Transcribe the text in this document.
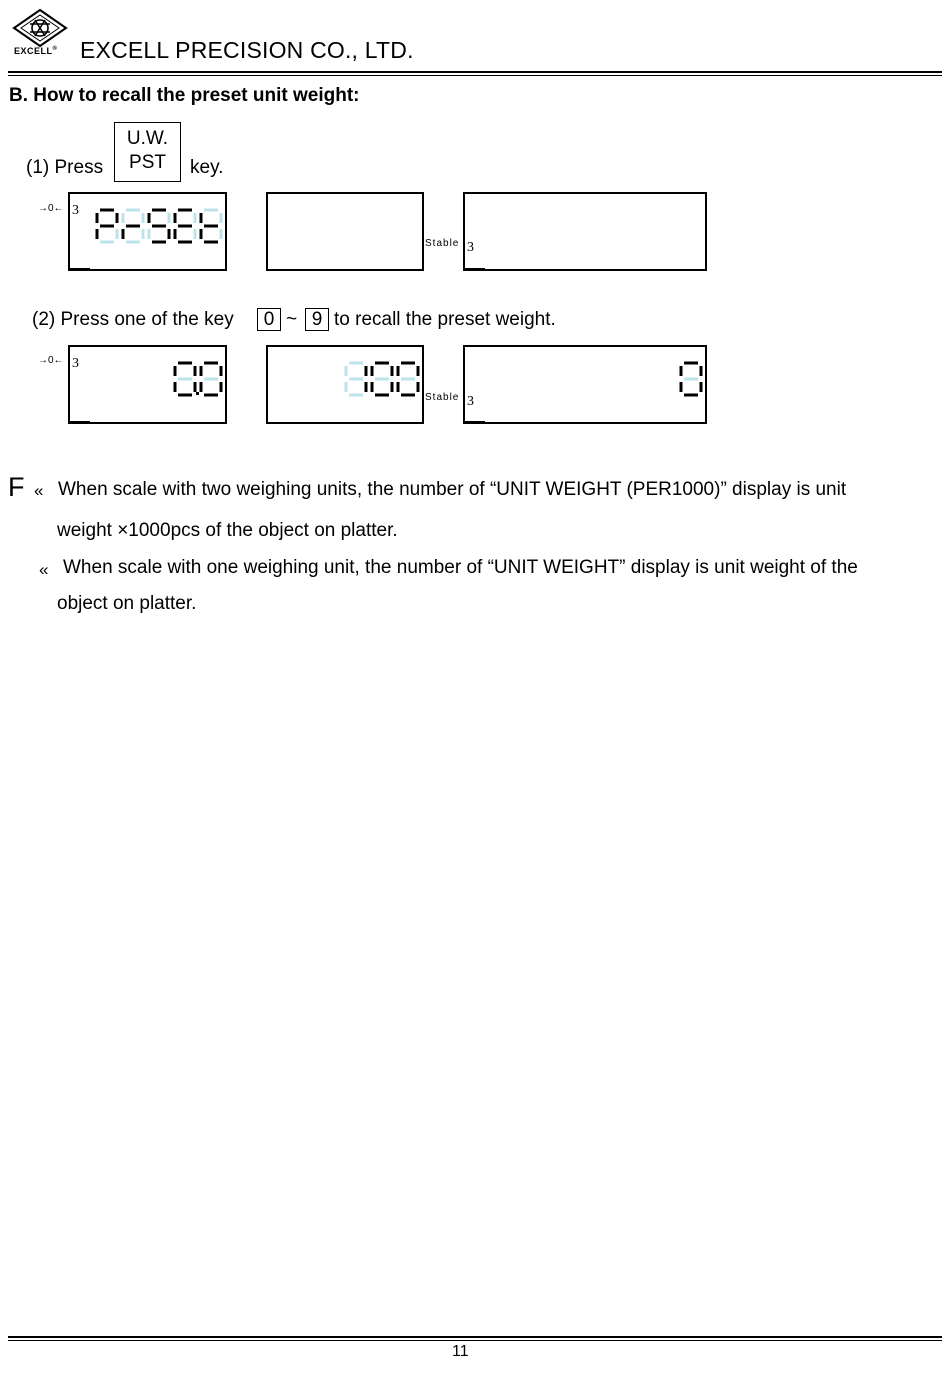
EXCELL® EXCELL PRECISION CO., LTD.
B. How to recall the preset unit weight:
(1) Press
U.W.
PST	key.
→0← 3
Stable 3
(2) Press one of the key	0 ~ 9 to recall the preset weight.
→0← 3
Stable 3
F « When scale with two weighing units, the number of “UNIT WEIGHT (PER1000)” display is unit
weight ×1000pcs of the object on platter.
« When scale with one weighing unit, the number of “UNIT WEIGHT” display is unit weight of the
object on platter.
11
